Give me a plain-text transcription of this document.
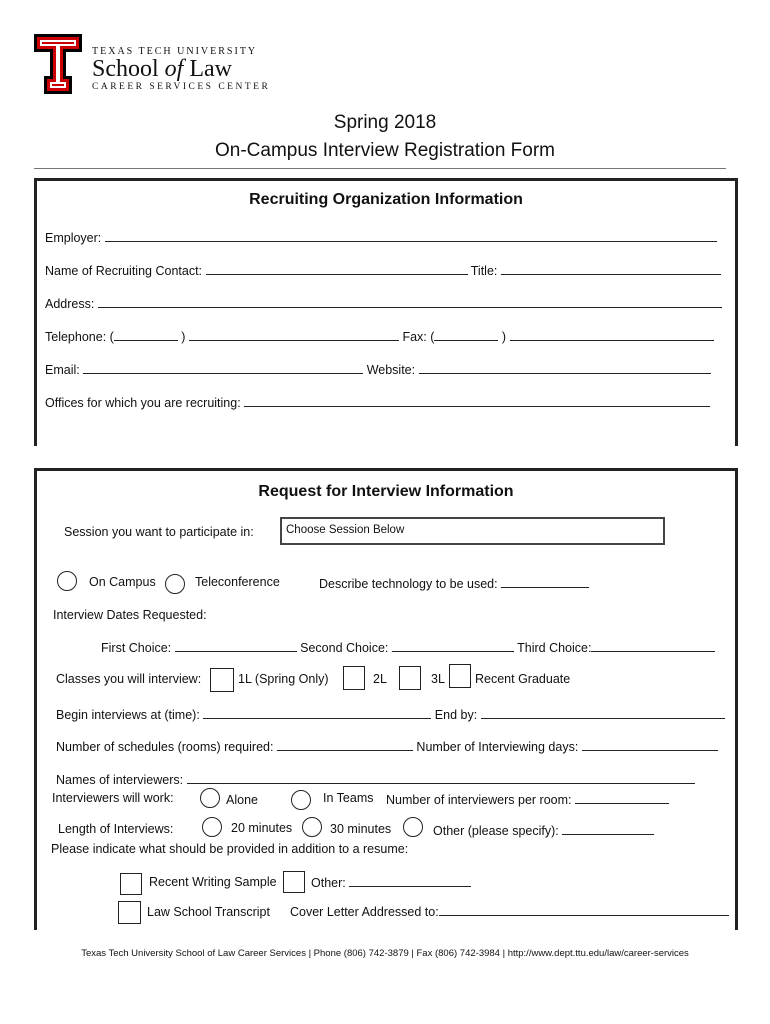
TEXAS TECH UNIVERSITY
School of Law
CAREER SERVICES CENTER
Spring 2018
On-Campus Interview Registration Form
Recruiting Organization Information
Employer:
Name of Recruiting Contact:	Title:
Address:
Telephone: (	)	Fax: (	)
Email:	Website:
Offices for which you are recruiting:
Request for Interview Information
Session you want to participate in:	Choose Session Below
On Campus	Teleconference	Describe technology to be used:
Interview Dates Requested:
First Choice:	Second Choice:	Third Choice:
Classes you will interview:	1L (Spring Only)	2L	3L Recent Graduate
Begin interviews at (time):	End by:
Number of schedules (rooms) required:	Number of Interviewing days:
Names of interviewers:
Interviewers will work:	Alone	In Teams Number of interviewers per room:
Length of Interviews:	20 minutes	30 minutes	Other (please specify):
Please indicate what should be provided in addition to a resume:
Recent Writing Sample	Other:
Law School Transcript Cover Letter Addressed to:
Texas Tech University School of Law Career Services | Phone (806) 742-3879 | Fax (806) 742-3984 | http://www.dept.ttu.edu/law/career-services
